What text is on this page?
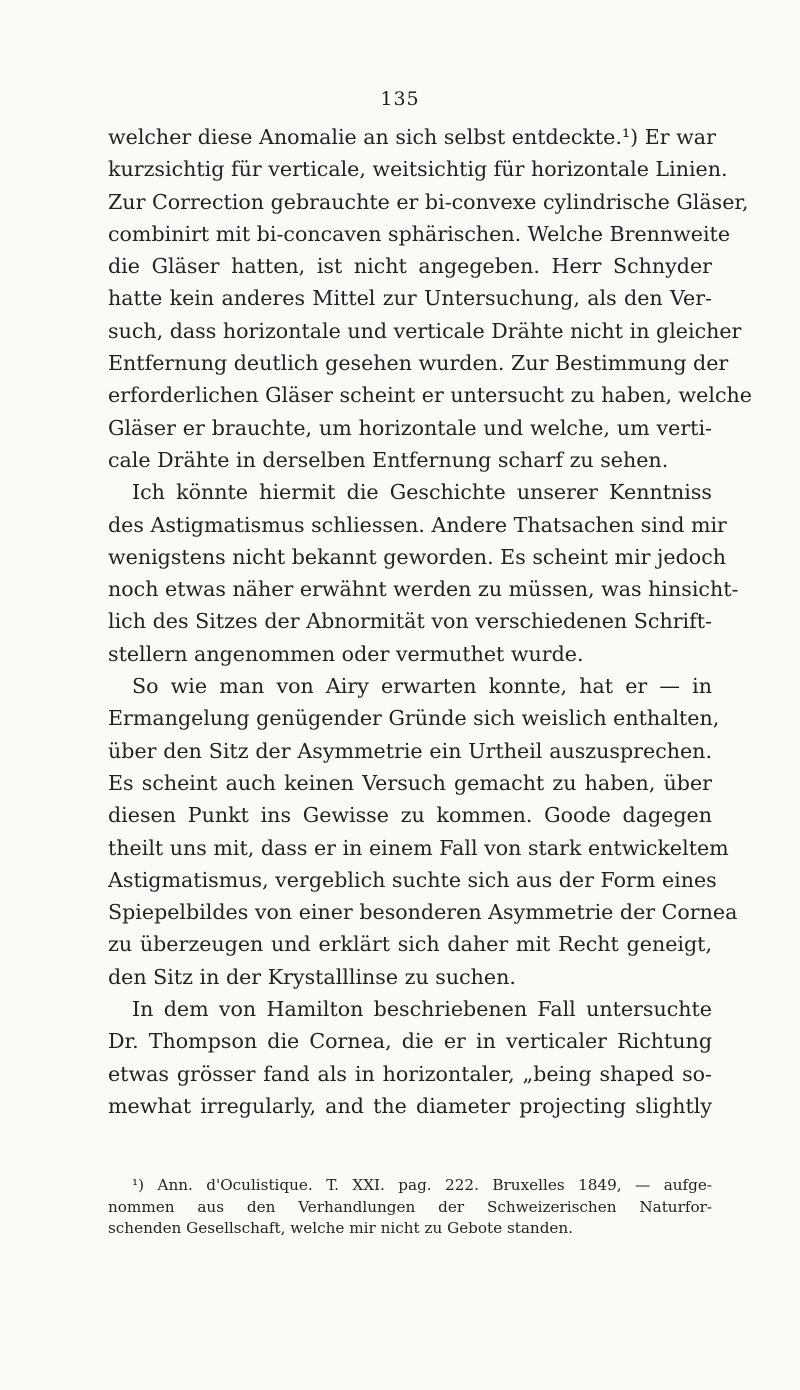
135
welcher diese Anomalie an sich selbst entdeckte.¹) Er war
kurzsichtig für verticale, weitsichtig für horizontale Linien.
Zur Correction gebrauchte er bi-convexe cylindrische Gläser,
combinirt mit bi-concaven sphärischen. Welche Brennweite
die Gläser hatten, ist nicht angegeben. Herr Schnyder
hatte kein anderes Mittel zur Untersuchung, als den Ver-
such, dass horizontale und verticale Drähte nicht in gleicher
Entfernung deutlich gesehen wurden. Zur Bestimmung der
erforderlichen Gläser scheint er untersucht zu haben, welche
Gläser er brauchte, um horizontale und welche, um verti-
cale Drähte in derselben Entfernung scharf zu sehen.
Ich könnte hiermit die Geschichte unserer Kenntniss
des Astigmatismus schliessen. Andere Thatsachen sind mir
wenigstens nicht bekannt geworden. Es scheint mir jedoch
noch etwas näher erwähnt werden zu müssen, was hinsicht-
lich des Sitzes der Abnormität von verschiedenen Schrift-
stellern angenommen oder vermuthet wurde.
So wie man von Airy erwarten konnte, hat er — in
Ermangelung genügender Gründe sich weislich enthalten,
über den Sitz der Asymmetrie ein Urtheil auszusprechen.
Es scheint auch keinen Versuch gemacht zu haben, über
diesen Punkt ins Gewisse zu kommen. Goode dagegen
theilt uns mit, dass er in einem Fall von stark entwickeltem
Astigmatismus, vergeblich suchte sich aus der Form eines
Spiepelbildes von einer besonderen Asymmetrie der Cornea
zu überzeugen und erklärt sich daher mit Recht geneigt,
den Sitz in der Krystalllinse zu suchen.
In dem von Hamilton beschriebenen Fall untersuchte
Dr. Thompson die Cornea, die er in verticaler Richtung
etwas grösser fand als in horizontaler, „being shaped so-
mewhat irregularly, and the diameter projecting slightly
¹) Ann. d'Oculistique. T. XXI. pag. 222. Bruxelles 1849, — aufge-
nommen aus den Verhandlungen der Schweizerischen Naturfor-
schenden Gesellschaft, welche mir nicht zu Gebote standen.
